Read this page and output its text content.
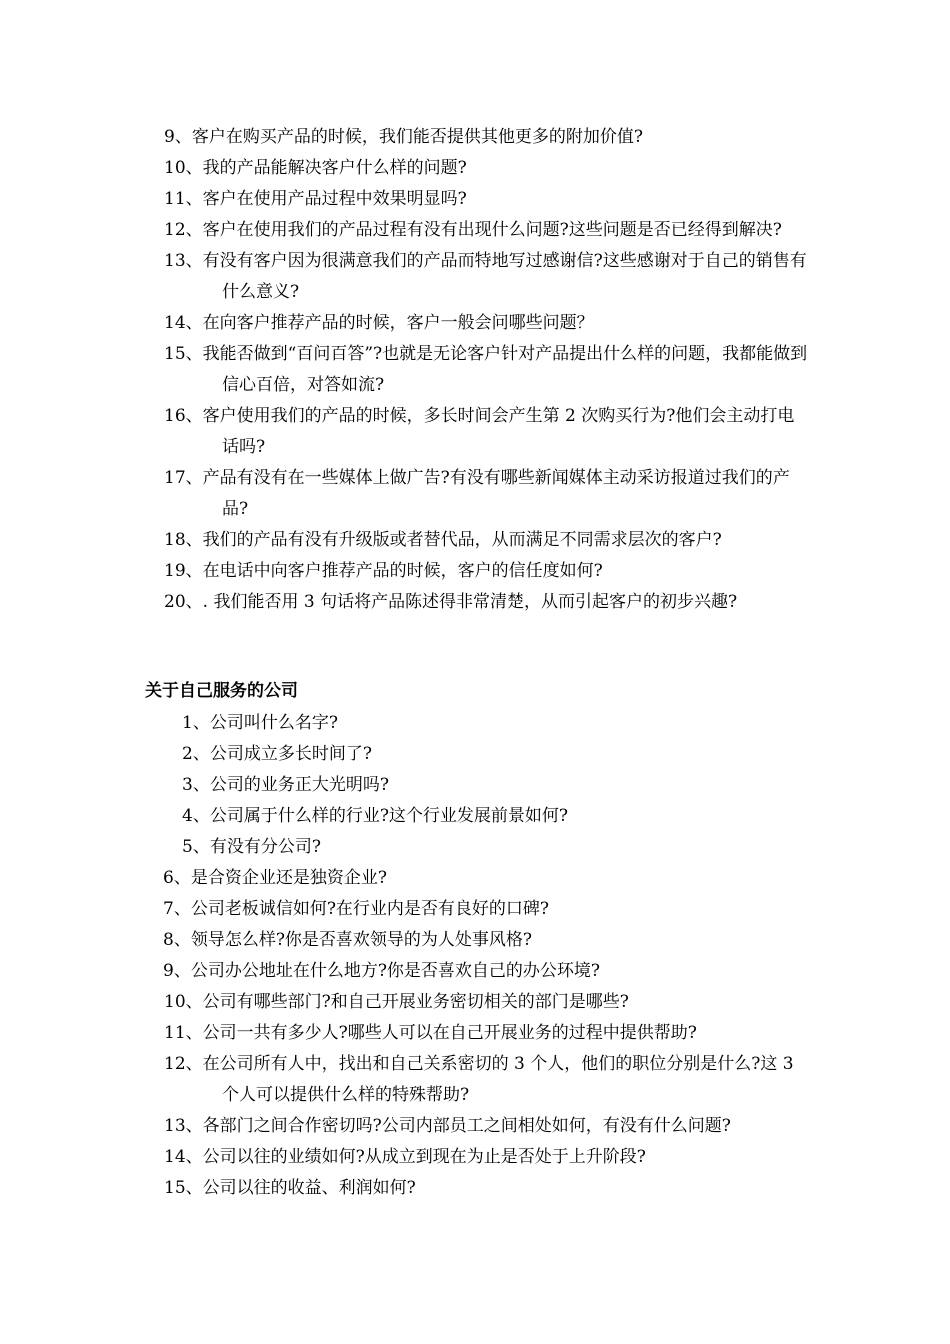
9、客户在购买产品的时候，我们能否提供其他更多的附加价值?
10、我的产品能解决客户什么样的问题?
11、客户在使用产品过程中效果明显吗?
12、客户在使用我们的产品过程有没有出现什么问题?这些问题是否已经得到解决?
13、有没有客户因为很满意我们的产品而特地写过感谢信?这些感谢对于自己的销售有什么意义?
14、在向客户推荐产品的时候，客户一般会问哪些问题？
15、我能否做到“百问百答”?也就是无论客户针对产品提出什么样的问题，我都能做到信心百倍，对答如流?
16、客户使用我们的产品的时候，多长时间会产生第 2 次购买行为?他们会主动打电话吗?
17、产品有没有在一些媒体上做广告?有没有哪些新闻媒体主动采访报道过我们的产品?
18、我们的产品有没有升级版或者替代品，从而满足不同需求层次的客户?
19、在电话中向客户推荐产品的时候，客户的信任度如何?
20、. 我们能否用 3 句话将产品陈述得非常清楚，从而引起客户的初步兴趣?
关于自己服务的公司
1、公司叫什么名字?
2、公司成立多长时间了?
3、公司的业务正大光明吗?
4、公司属于什么样的行业?这个行业发展前景如何?
5、有没有分公司?
6、是合资企业还是独资企业?
7、公司老板诚信如何?在行业内是否有良好的口碑?
8、领导怎么样?你是否喜欢领导的为人处事风格?
9、公司办公地址在什么地方?你是否喜欢自己的办公环境?
10、公司有哪些部门?和自己开展业务密切相关的部门是哪些?
11、公司一共有多少人?哪些人可以在自己开展业务的过程中提供帮助?
12、在公司所有人中，找出和自己关系密切的 3 个人，他们的职位分别是什么?这 3 个人可以提供什么样的特殊帮助?
13、各部门之间合作密切吗?公司内部员工之间相处如何，有没有什么问题?
14、公司以往的业绩如何?从成立到现在为止是否处于上升阶段?
15、公司以往的收益、利润如何?
